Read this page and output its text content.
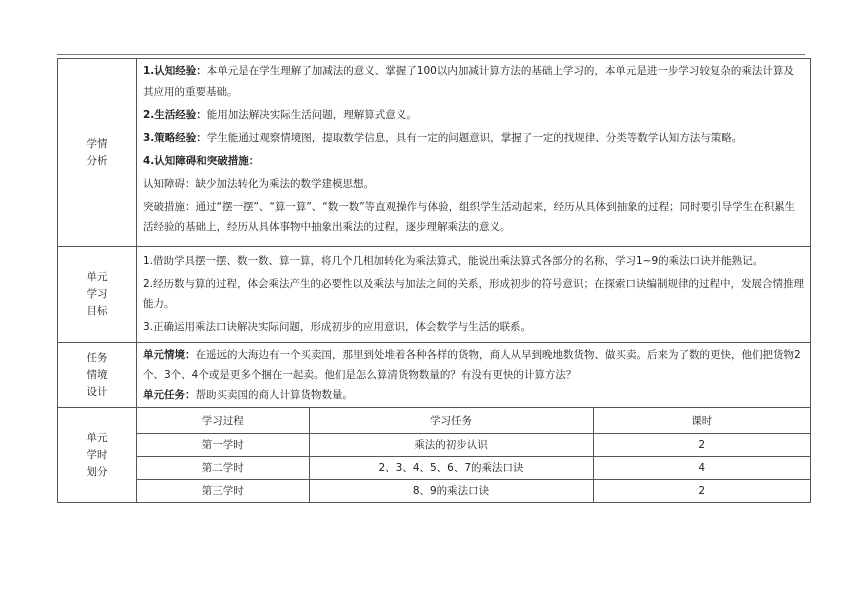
学情分析

1.认知经验：本单元是在学生理解了加减法的意义、掌握了100以内加减计算方法的基础上学习的，本单元是进一步学习较复杂的乘法计算及其应用的重要基础。

2.生活经验：能用加法解决实际生活问题，理解算式意义。

3.策略经验：学生能通过观察情境图，提取数学信息，具有一定的问题意识，掌握了一定的找规律、分类等数学认知方法与策略。

4.认知障碍和突破措施：

认知障碍：缺少加法转化为乘法的数学建模思想。

突破措施：通过“摆一摆”、“算一算”、“数一数”等直观操作与体验，组织学生活动起来，经历从具体到抽象的过程；同时要引导学生在积累生活经验的基础上，经历从具体事物中抽象出乘法的过程，逐步理解乘法的意义。

单元学习目标

1.借助学具摆一摆、数一数、算一算，将几个几相加转化为乘法算式，能说出乘法算式各部分的名称，学习1~9的乘法口诀并能熟记。

2.经历数与算的过程，体会乘法产生的必要性以及乘法与加法之间的关系，形成初步的符号意识；在探索口诀编制规律的过程中，发展合情推理能力。

3.正确运用乘法口诀解决实际问题，形成初步的应用意识，体会数学与生活的联系。

任务情境设计

单元情境：在遥远的大海边有一个买卖国，那里到处堆着各种各样的货物，商人从早到晚地数货物、做买卖。后来为了数的更快，他们把货物2个、3个、4个或是更多个捆在一起卖。他们是怎么算清货物数量的？有没有更快的计算方法？

单元任务：帮助买卖国的商人计算货物数量。

单元学时划分

学习过程	学习任务	课时
第一学时	乘法的初步认识	2
第二学时	2、3、4、5、6、7的乘法口诀	4
第三学时	8、9的乘法口诀	2
